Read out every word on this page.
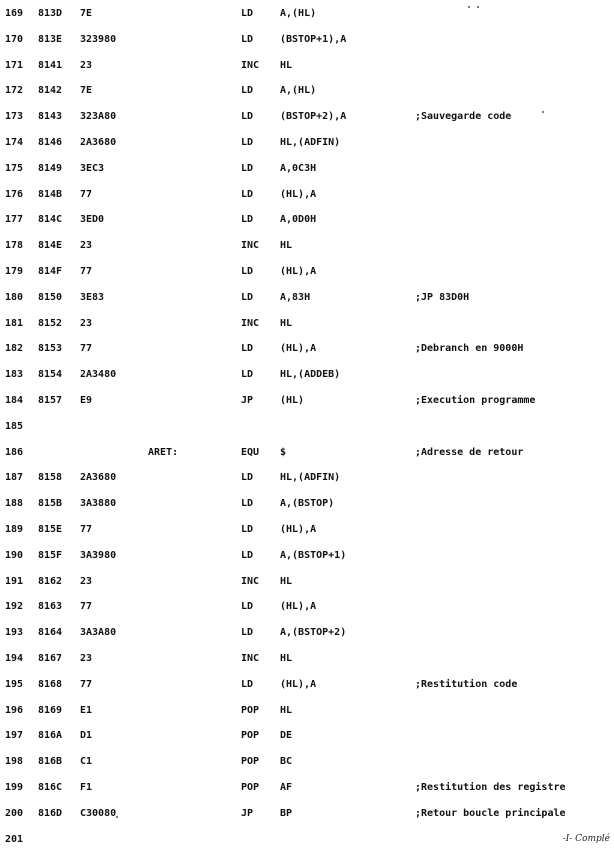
169 813D 7E	LD	A,(HL)
170 813E 323980	LD	(BSTOP+1),A
171 8141 23	INC HL
172 8142 7E	LD	A,(HL)
173 8143 323A80	LD	(BSTOP+2),A	;Sauvegarde code
174 8146 2A3680	LD	HL,(ADFIN)
175 8149 3EC3	LD	A,0C3H
176 814B 77	LD	(HL),A
177 814C 3ED0	LD	A,0D0H
178 814E 23	INC HL
179 814F 77	LD	(HL),A
180 8150 3E83	LD	A,83H	;JP 83D0H
181 8152 23	INC HL
182 8153 77	LD	(HL),A	;Debranch en 9000H
183 8154 2A3480	LD	HL,(ADDEB)
184 8157 E9	JP	(HL)	;Execution programme
185
186	ARET:	EQU $	;Adresse de retour
187 8158 2A3680	LD	HL,(ADFIN)
188 815B 3A3880	LD	A,(BSTOP)
189 815E 77	LD	(HL),A
190 815F 3A3980	LD	A,(BSTOP+1)
191 8162 23	INC HL
192 8163 77	LD	(HL),A
193 8164 3A3A80	LD	A,(BSTOP+2)
194 8167 23	INC HL
195 8168 77	LD	(HL),A	;Restitution code
196 8169 E1	POP HL
197 816A D1	POP DE
198 816B C1	POP BC
199 816C F1	POP AF	;Restitution des registre
200 816D C30080	JP	BP	;Retour boucle principale
201	-I- Complé
